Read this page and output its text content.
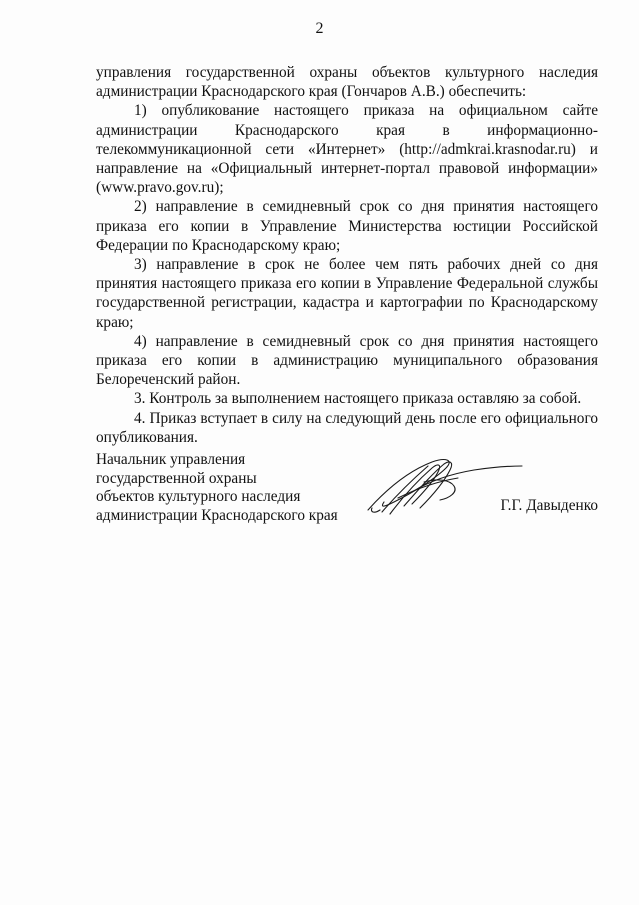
2

управления государственной охраны объектов культурного наследия администрации Краснодарского края (Гончаров А.В.) обеспечить:

1) опубликование настоящего приказа на официальном сайте администрации Краснодарского края в информационно-телекоммуникационной сети «Интернет» (http://admkrai.krasnodar.ru) и направление на «Официальный интернет-портал правовой информации» (www.pravo.gov.ru);

2) направление в семидневный срок со дня принятия настоящего приказа его копии в Управление Министерства юстиции Российской Федерации по Краснодарскому краю;

3) направление в срок не более чем пять рабочих дней со дня принятия настоящего приказа его копии в Управление Федеральной службы государственной регистрации, кадастра и картографии по Краснодарскому краю;

4) направление в семидневный срок со дня принятия настоящего приказа его копии в администрацию муниципального образования Белореченский район.

3. Контроль за выполнением настоящего приказа оставляю за собой.

4. Приказ вступает в силу на следующий день после его официального опубликования.

Начальник управления
государственной охраны
объектов культурного наследия
администрации Краснодарского края
Г.Г. Давыденко
